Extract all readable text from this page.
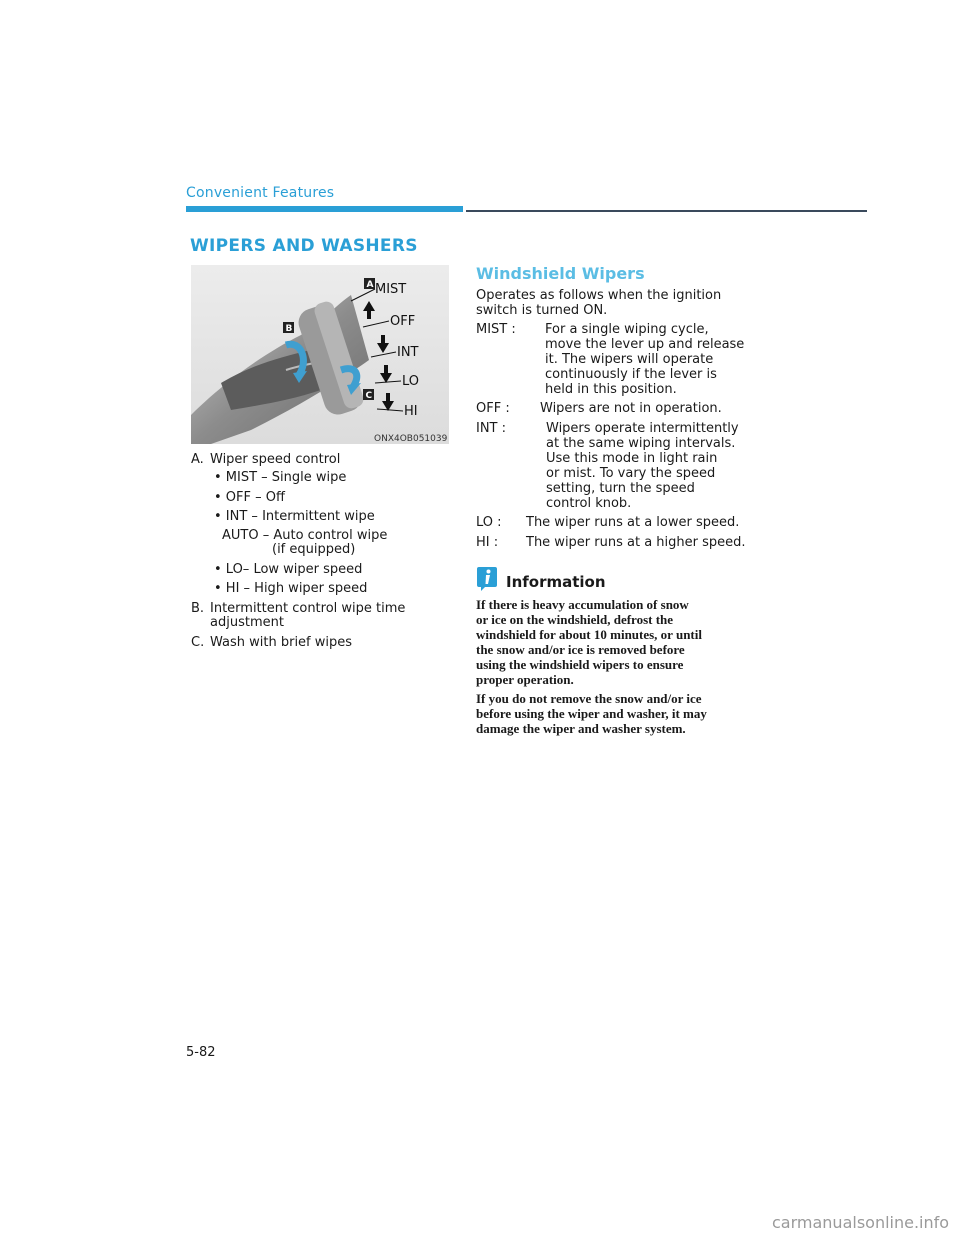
Convenient Features
WIPERS AND WASHERS
A
B
C
MIST
OFF
INT
LO
HI
ONX4OB051039
A. Wiper speed control
• MIST – Single wipe
• OFF – Off
• INT – Intermittent wipe
AUTO – Auto control wipe
(if equipped)
• LO– Low wiper speed
• HI – High wiper speed
B. Intermittent control wipe time
adjustment
C. Wash with brief wipes
Windshield Wipers
Operates as follows when the ignition
switch is turned ON.
MIST : For a single wiping cycle,
move the lever up and release
it. The wipers will operate
continuously if the lever is
held in this position.
OFF : Wipers are not in operation.
INT :	Wipers operate intermittently
at the same wiping intervals.
Use this mode in light rain
or mist. To vary the speed
setting, turn the speed
control knob.
LO : The wiper runs at a lower speed.
HI : The wiper runs at a higher speed.
Information
If there is heavy accumulation of snow
or ice on the windshield, defrost the
windshield for about 10 minutes, or until
the snow and/or ice is removed before
using the windshield wipers to ensure
proper operation.
If you do not remove the snow and/or ice
before using the wiper and washer, it may
damage the wiper and washer system.
5-82
carmanualsonline.info
